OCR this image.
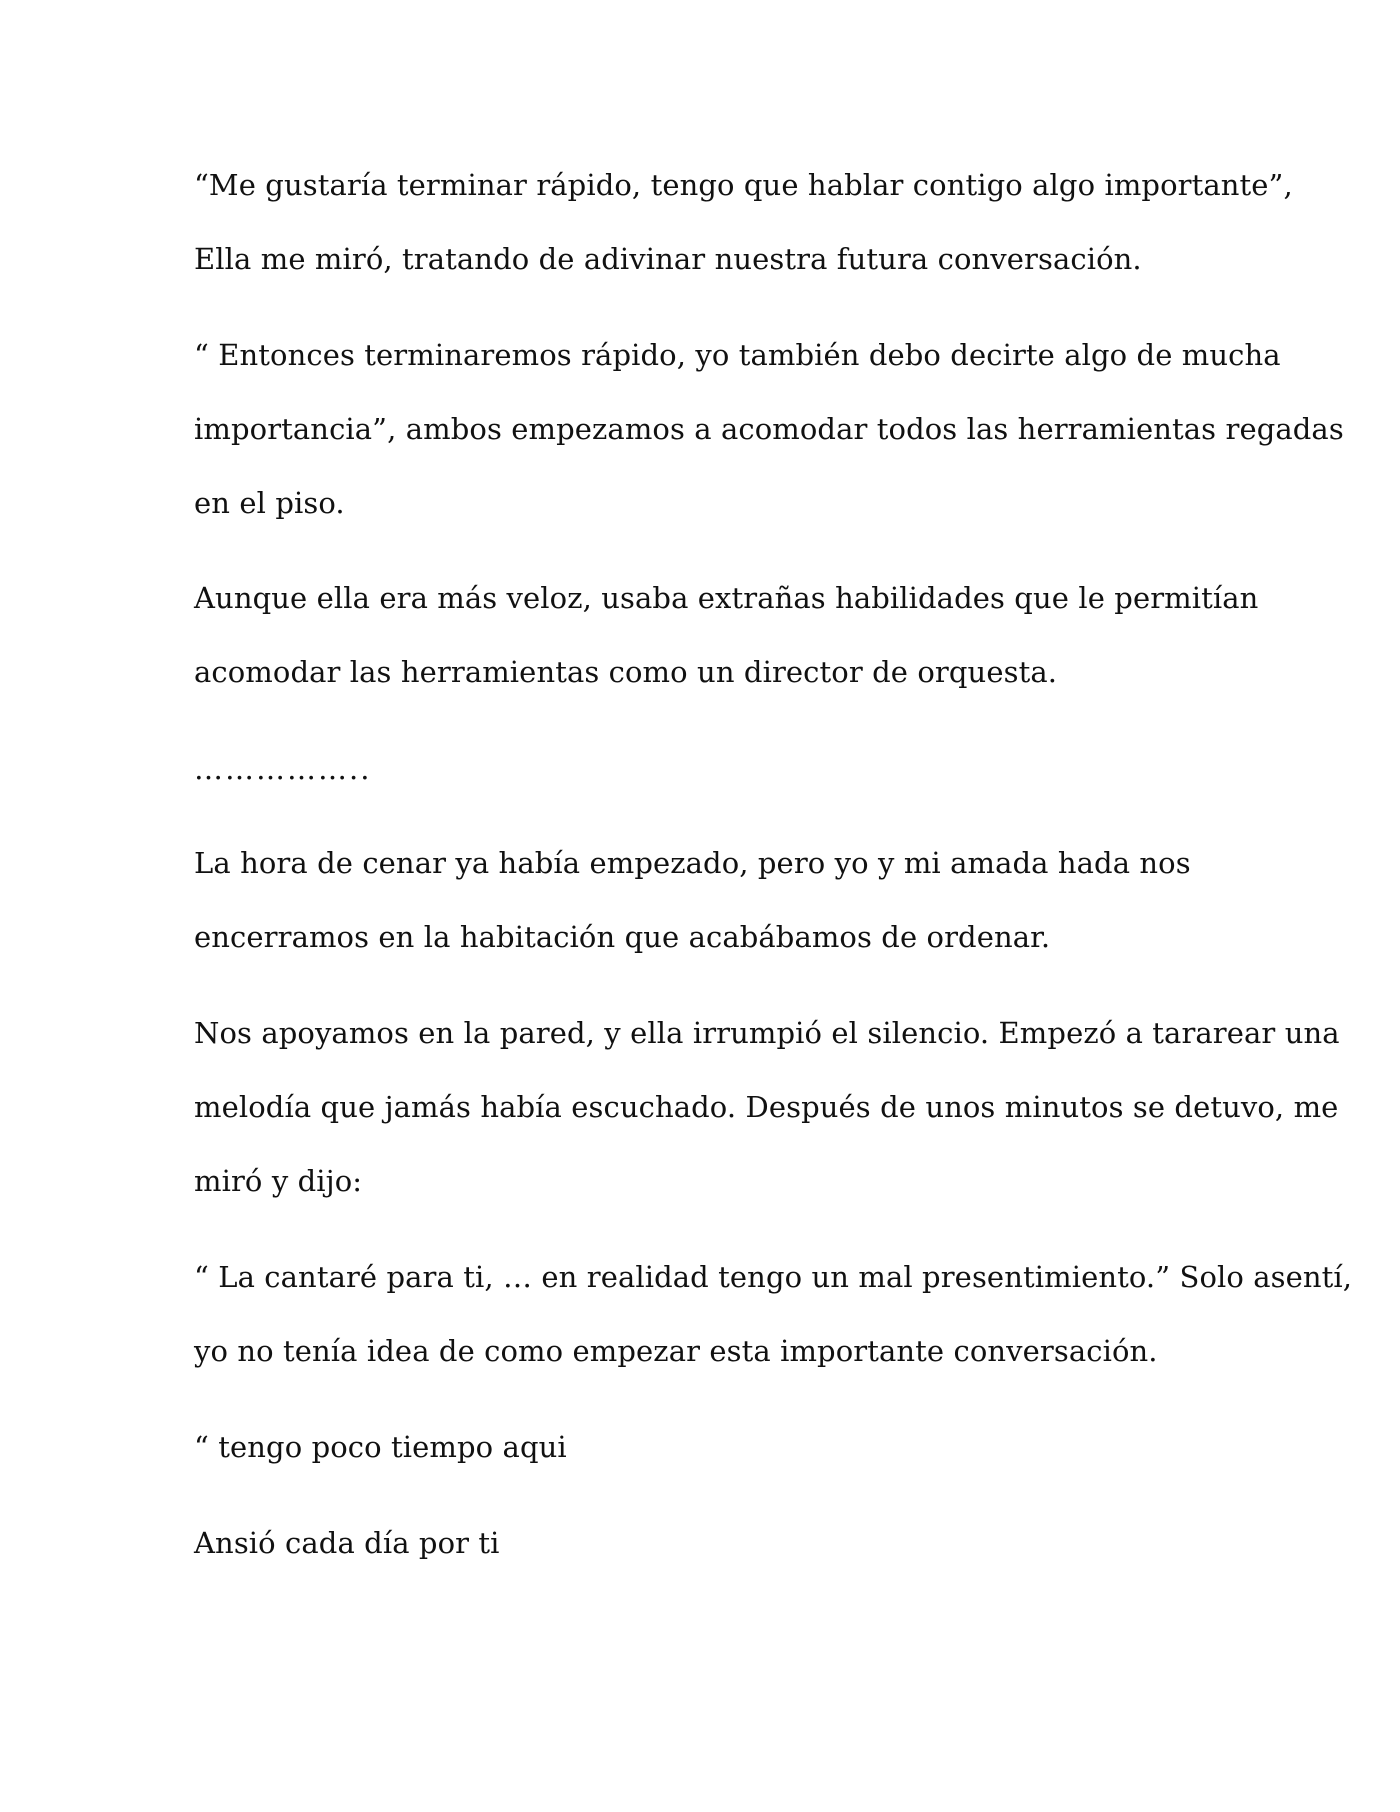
“Me gustaría terminar rápido, tengo que hablar contigo algo importante”,

Ella me miró, tratando de adivinar nuestra futura conversación.

“ Entonces terminaremos rápido, yo también debo decirte algo de mucha

importancia”, ambos empezamos a acomodar todos las herramientas regadas

en el piso.

Aunque ella era más veloz, usaba extrañas habilidades que le permitían

acomodar las herramientas como un director de orquesta.

……………..

La hora de cenar ya había empezado, pero yo y mi amada hada nos

encerramos en la habitación que acabábamos de ordenar.

Nos apoyamos en la pared, y ella irrumpió el silencio. Empezó a tararear una

melodía que jamás había escuchado. Después de unos minutos se detuvo, me

miró y dijo:

“ La cantaré para ti, … en realidad tengo un mal presentimiento.” Solo asentí,

yo no tenía idea de como empezar esta importante conversación.

“ tengo poco tiempo aqui

Ansió cada día por ti
